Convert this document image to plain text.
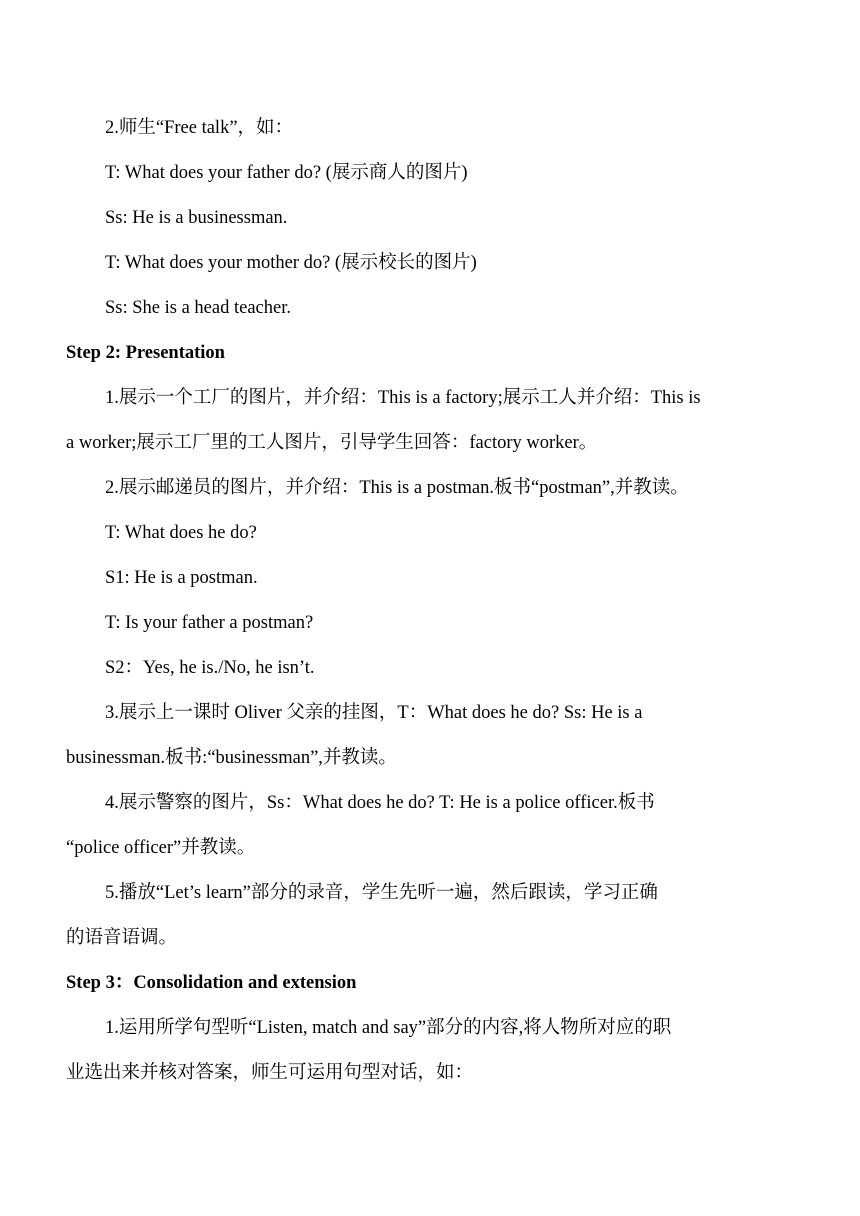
2.师生“Free talk”，如：
T: What does your father do? (展示商人的图片)
Ss: He is a businessman.
T: What does your mother do? (展示校长的图片)
Ss: She is a head teacher.
Step 2: Presentation
1.展示一个工厂的图片，并介绍：This is a factory;展示工人并介绍：This is
a worker;展示工厂里的工人图片，引导学生回答：factory worker。
2.展示邮递员的图片，并介绍：This is a postman.板书“postman”,并教读。
T: What does he do?
S1: He is a postman.
T: Is your father a postman?
S2：Yes, he is./No, he isn’t.
3.展示上一课时 Oliver 父亲的挂图，T：What does he do? Ss: He is a
businessman.板书:“businessman”,并教读。
4.展示警察的图片，Ss：What does he do? T: He is a police officer.板书
“police officer”并教读。
5.播放“Let’s learn”部分的录音，学生先听一遍，然后跟读，学习正确
的语音语调。
Step 3：Consolidation and extension
1.运用所学句型听“Listen, match and say”部分的内容,将人物所对应的职
业选出来并核对答案，师生可运用句型对话，如：
